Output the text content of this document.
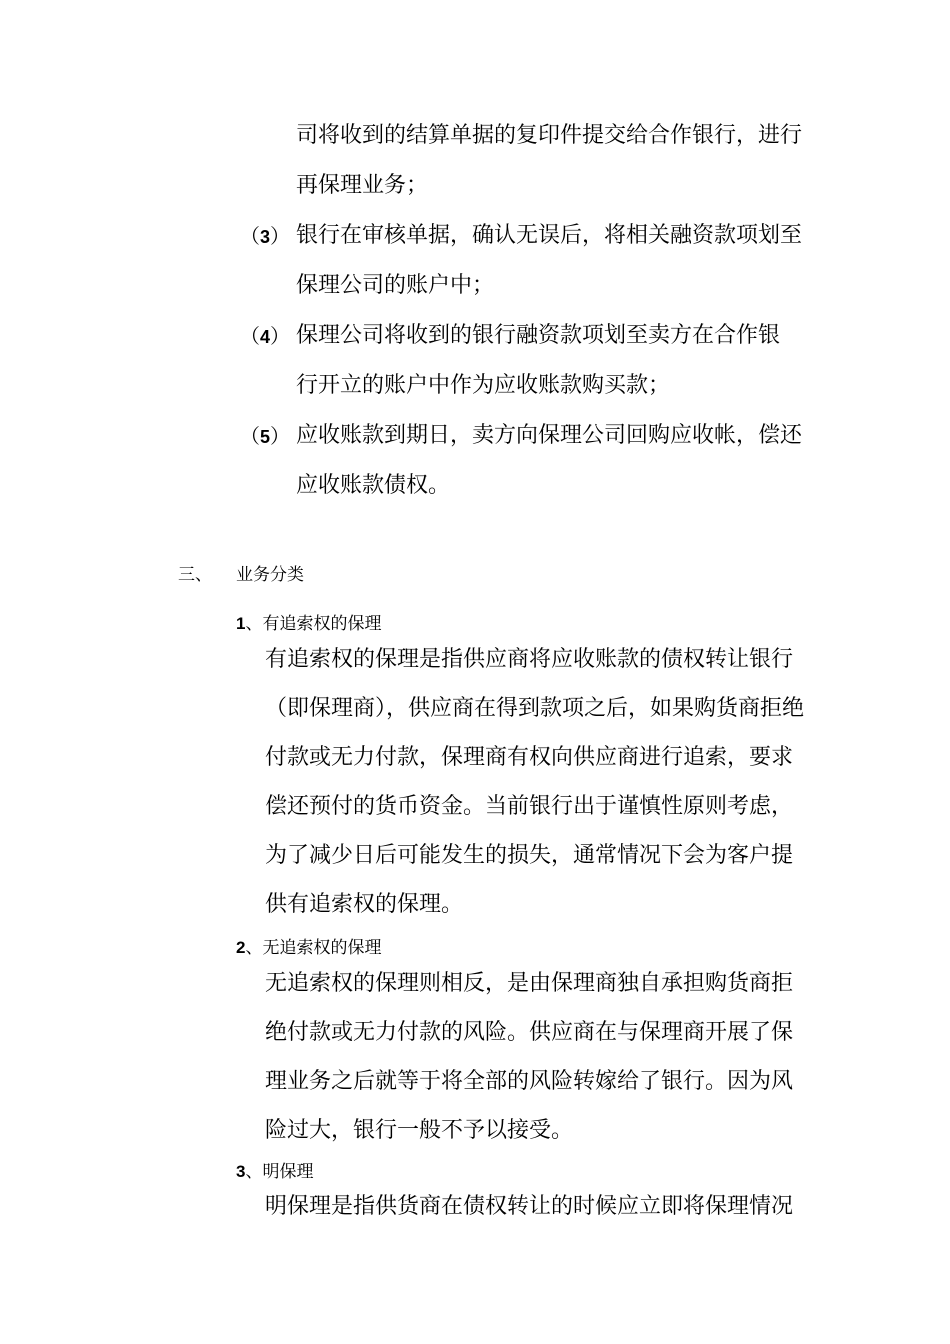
司将收到的结算单据的复印件提交给合作银行，进行

再保理业务；

（3） 银行在审核单据，确认无误后，将相关融资款项划至

保理公司的账户中；

（4） 保理公司将收到的银行融资款项划至卖方在合作银

行开立的账户中作为应收账款购买款；

（5） 应收账款到期日，卖方向保理公司回购应收帐，偿还

应收账款债权。

三、 业务分类
1、有追索权的保理

有追索权的保理是指供应商将应收账款的债权转让银行

（即保理商），供应商在得到款项之后，如果购货商拒绝

付款或无力付款，保理商有权向供应商进行追索，要求

偿还预付的货币资金。当前银行出于谨慎性原则考虑，

为了减少日后可能发生的损失，通常情况下会为客户提

供有追索权的保理。

2、无追索权的保理

无追索权的保理则相反，是由保理商独自承担购货商拒

绝付款或无力付款的风险。供应商在与保理商开展了保

理业务之后就等于将全部的风险转嫁给了银行。因为风

险过大，银行一般不予以接受。

3、明保理

明保理是指供货商在债权转让的时候应立即将保理情况
